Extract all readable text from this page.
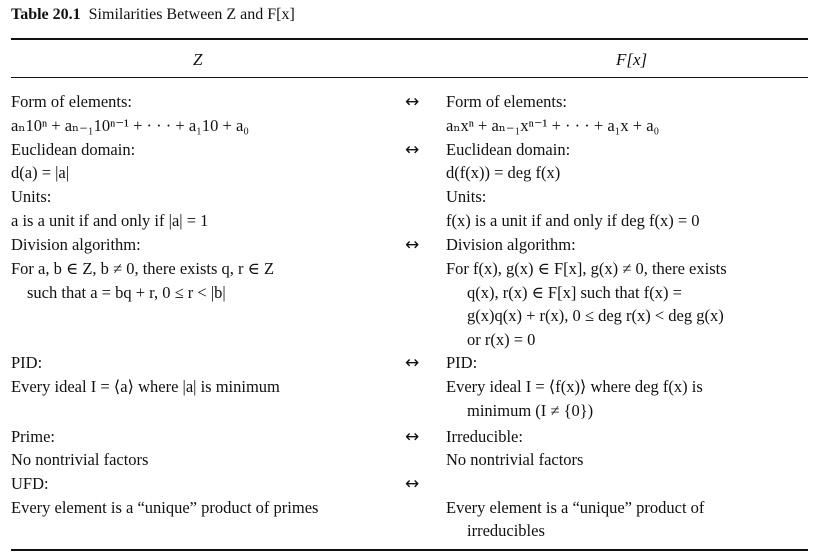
Table 20.1 Similarities Between Z and F[x]
Z	F[x]
Form of elements:
aₙ10ⁿ + aₙ₋₁10ⁿ⁻¹ + · · · + a₁10 + a₀
Euclidean domain:
d(a) = |a|
Units:
a is a unit if and only if |a| = 1
Division algorithm:
For a, b ∈ Z, b ≠ 0, there exists q, r ∈ Z
such that a = bq + r, 0 ≤ r < |b|
PID:
Every ideal I = ⟨a⟩ where |a| is minimum
Prime:
No nontrivial factors
UFD:
Every element is a “unique” product of primes
↔
↔
↔
↔
↔
↔
Form of elements:
aₙxⁿ + aₙ₋₁xⁿ⁻¹ + · · · + a₁x + a₀
Euclidean domain:
d(f(x)) = deg f(x)
Units:
f(x) is a unit if and only if deg f(x) = 0
Division algorithm:
For f(x), g(x) ∈ F[x], g(x) ≠ 0, there exists
q(x), r(x) ∈ F[x] such that f(x) =
g(x)q(x) + r(x), 0 ≤ deg r(x) < deg g(x)
or r(x) = 0
PID:
Every ideal I = ⟨f(x)⟩ where deg f(x) is
minimum (I ≠ {0})
Irreducible:
No nontrivial factors
Every element is a “unique” product of
irreducibles
